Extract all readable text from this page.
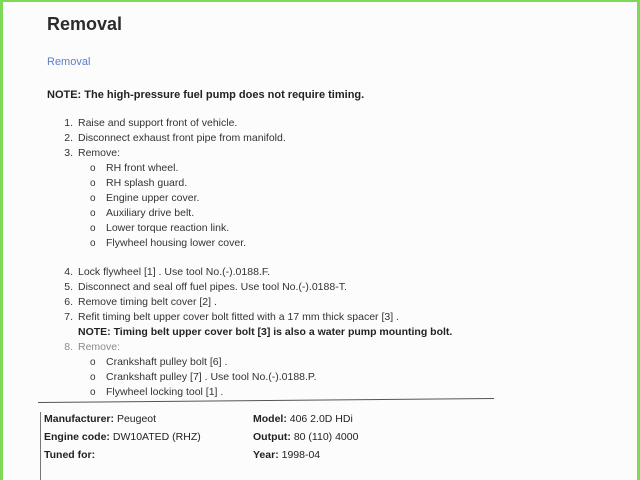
Removal
Removal
NOTE: The high-pressure fuel pump does not require timing.
1. Raise and support front of vehicle.
2. Disconnect exhaust front pipe from manifold.
3. Remove:
o RH front wheel.
o RH splash guard.
o Engine upper cover.
o Auxiliary drive belt.
o Lower torque reaction link.
o Flywheel housing lower cover.
4. Lock flywheel [1] . Use tool No.(-).0188.F.
5. Disconnect and seal off fuel pipes. Use tool No.(-).0188-T.
6. Remove timing belt cover [2] .
7. Refit timing belt upper cover bolt fitted with a 17 mm thick spacer [3] .
NOTE: Timing belt upper cover bolt [3] is also a water pump mounting bolt.
8. Remove:
o Crankshaft pulley bolt [6] .
o Crankshaft pulley [7] . Use tool No.(-).0188.P.
o Flywheel locking tool [1] .
Manufacturer: Peugeot	Model: 406 2.0D HDi
Engine code: DW10ATED (RHZ)	Output: 80 (110) 4000
Tuned for:	Year: 1998-04
